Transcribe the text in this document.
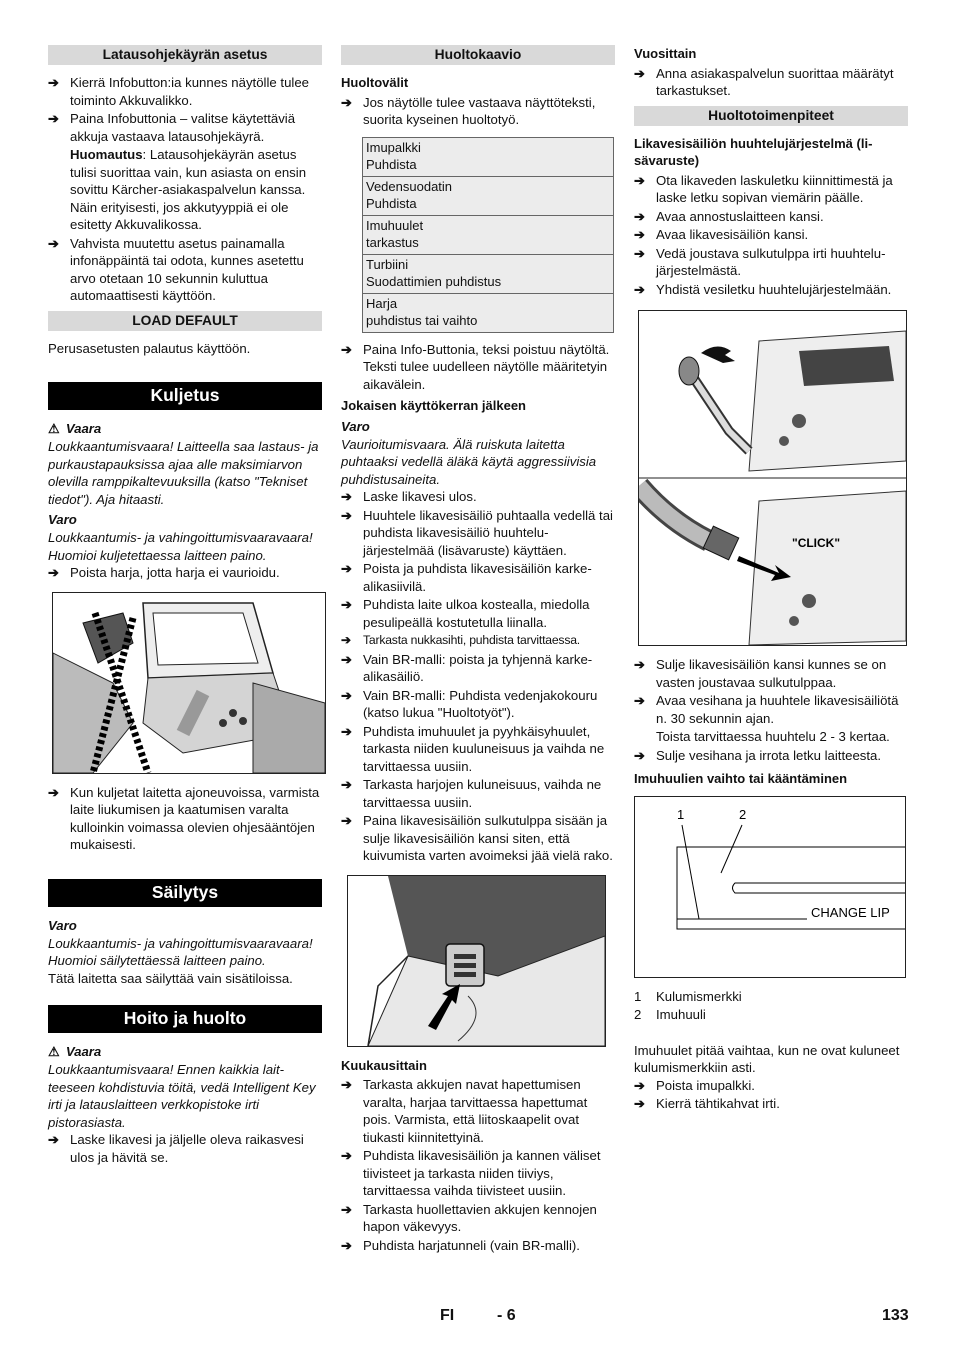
Latausohjekäyrän asetus
➔ Kierrä Infobutton:ia kunnes näytölle tulee toiminto Akkuvalikko.
➔ Paina Infobuttonia – valitse käytettäviä akkuja vastaava latausohjekäyrä.
Huomautus: Latausohjekäyrän asetus tulisi suorittaa vain, kun asiasta on ensin sovittu Kärcher-asiakaspalvelun kanssa. Näin erityisesti, jos akkutyyppiä ei ole esitetty Akkuvalikossa.
➔ Vahvista muutettu asetus painamalla infonäppäintä tai odota, kunnes asetettu arvo otetaan 10 sekunnin kuluttua automaattisesti käyttöön.
LOAD DEFAULT

Perusasetusten palautus käyttöön.

Kuljetus
⚠ Vaara

Loukkaantumisvaara! Laitteella saa lastaus- ja purkaustapauksissa ajaa alle maksimiarvon olevilla ramppikaltevuuksilla (katso "Tekniset tiedot"). Aja hitaasti.

Varo

Loukkaantumis- ja vahingoittumisvaaravaara! Huomioi kuljetettaessa laitteen paino.

➔ Poista harja, jotta harja ei vaurioidu.
➔ Kun kuljetat laitetta ajoneuvoissa, varmista laite liukumisen ja kaatumisen varalta kulloinkin voimassa olevien ohjesääntöjen mukaisesti.
Säilytys
Varo

Loukkaantumis- ja vahingoittumisvaaravaara! Huomioi säilytettäessä laitteen paino.

Tätä laitetta saa säilyttää vain sisätiloissa.

Hoito ja huolto
⚠ Vaara

Loukkaantumisvaara! Ennen kaikkia laitteeseen kohdistuvia töitä, vedä Intelligent Key irti ja latauslaitteen verkkopistoke irti pistorasiasta.

➔ Laske likavesi ja jäljelle oleva raikasvesi ulos ja hävitä se.
Huoltokaavio
Huoltovälit
➔ Jos näytölle tulee vastaava näyttöteksti, suorita kyseinen huoltotyö.
Imupalkki
Puhdista
Vedensuodatin
Puhdista
Imuhuulet
tarkastus
Turbiini
Suodattimien puhdistus
Harja
puhdistus tai vaihto
➔ Paina Info-Buttonia, teksi poistuu näytöltä. Teksti tulee uudelleen näytölle määritetyin aikavälein.
Jokaisen käyttökerran jälkeen
Varo

Vaurioitumisvaara. Älä ruiskuta laitetta puhtaaksi vedellä äläkä käytä aggressiivisia puhdistusaineita.

➔ Laske likavesi ulos.
➔ Huuhtele likavesisäiliö puhtaalla vedellä tai puhdista likavesisäiliö huuhtelujärjestelmää (lisävaruste) käyttäen.
➔ Poista ja puhdista likavesisäiliön karkealikasiivilä.
➔ Puhdista laite ulkoa kostealla, miedolla pesulipeällä kostutetulla liinalla.
➔ Tarkasta nukkasihti, puhdista tarvittaessa.
➔ Vain BR-malli: poista ja tyhjennä karkealikasäiliö.
➔ Vain BR-malli: Puhdista vedenjakokouru (katso lukua "Huoltotyöt").
➔ Puhdista imuhuulet ja pyyhkäisyhuulet, tarkasta niiden kuuluneisuus ja vaihda ne tarvittaessa uusiin.
➔ Tarkasta harjojen kuluneisuus, vaihda ne tarvittaessa uusiin.
➔ Paina likavesisäiliön sulkutulppa sisään ja sulje likavesisäiliön kansi siten, että kuivumista varten avoimeksi jää vielä rako.
Kuukausittain
➔ Tarkasta akkujen navat hapettumisen varalta, harjaa tarvittaessa hapettumat pois. Varmista, että liitoskaapelit ovat tiukasti kiinnitettyinä.
➔ Puhdista likavesisäiliön ja kannen väliset tiivisteet ja tarkasta niiden tiiviys, tarvittaessa vaihda tiivisteet uusiin.
➔ Tarkasta huollettavien akkujen kennojen hapon väkevyys.
➔ Puhdista harjatunneli (vain BR-malli).
Vuosittain
➔ Anna asiakaspalvelun suorittaa määrätyt tarkastukset.
Huoltotoimenpiteet
Likavesisäiliön huuhtelujärjestelmä (lisävaruste)
➔ Ota likaveden laskuletku kiinnittimestä ja laske letku sopivan viemärin päälle.
➔ Avaa annostuslaitteen kansi.
➔ Avaa likavesisäiliön kansi.
➔ Vedä joustava sulkutulppa irti huuhtelujärjestelmästä.
➔ Yhdistä vesiletku huuhtelujärjestelmään.
"CLICK"
➔ Sulje likavesisäiliön kansi kunnes se on vasten joustavaa sulkutulppaa.
➔ Avaa vesihana ja huuhtele likavesisäiliötä n. 30 sekunnin ajan.
Toista tarvittaessa huuhtelu 2 - 3 kertaa.
➔ Sulje vesihana ja irrota letku laitteesta.
Imuhuulien vaihto tai kääntäminen
1	2
CHANGE LIP
1	Kulumismerkki
2	Imuhuuli

Imuhuulet pitää vaihtaa, kun ne ovat kuluneet kulumismerkkiin asti.

➔ Poista imupalkki.
➔ Kierrä tähtikahvat irti.
FI	- 6	133
